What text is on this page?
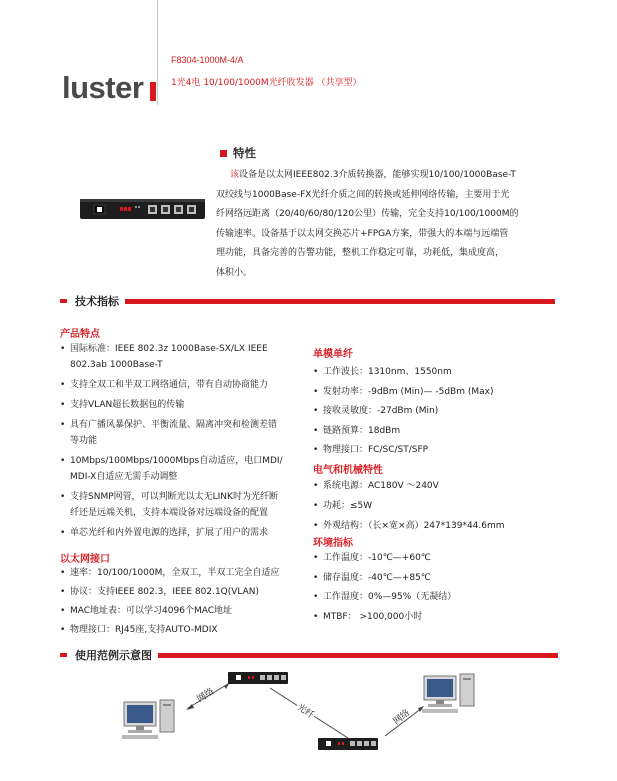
luster
F8304-1000M-4/A
1光4电 10/100/1000M光纤收发器 （共享型）
特性
该设备是以太网IEEE802.3介质转换器，能够实现10/100/1000Base-T
双绞线与1000Base-FX光纤介质之间的转换或延伸网络传输，主要用于光
纤网络远距离（20/40/60/80/120公里）传输，完全支持10/100/1000M的
传输速率。设备基于以太网交换芯片+FPGA方案，带强大的本端与远端管
理功能，具备完善的告警功能，整机工作稳定可靠，功耗低，集成度高，
体积小。
技术指标
产品特点
• 国际标准：IEEE 802.3z 1000Base-SX/LX IEEE
802.3ab 1000Base-T
• 支持全双工和半双工网络通信，带有自动协商能力
• 支持VLAN超长数据包的传输
• 具有广播风暴保护、平衡流量、隔离冲突和检测差错
等功能
• 10Mbps/100Mbps/1000Mbps自动适应，电口MDI/
MDI-X自适应无需手动调整
• 支持SNMP网管，可以判断光以太无LINK时为光纤断
纤还是远端关机，支持本端设备对远端设备的配置
• 单芯光纤和内外置电源的选择，扩展了用户的需求
以太网接口
• 速率：10/100/1000M，全双工，半双工完全自适应
• 协议：支持IEEE 802.3，IEEE 802.1Q(VLAN)
• MAC地址表：可以学习4096个MAC地址
• 物理接口：RJ45座,支持AUTO-MDIX
单模单纤
• 工作波长：1310nm、1550nm
• 发射功率：-9dBm (Min)— -5dBm (Max)
• 接收灵敏度：-27dBm (Min)
• 链路预算：18dBm
• 物理接口：FC/SC/ST/SFP
电气和机械特性
• 系统电源：AC180V ～240V
• 功耗：≤5W
• 外观结构：（长×宽×高）247*139*44.6mm
环境指标
• 工作温度：-10℃—+60℃
• 储存温度：-40℃—+85℃
• 工作湿度：0%—95%（无凝结）
• MTBF： >100,000小时
使用范例示意图
网络
光纤	网络
